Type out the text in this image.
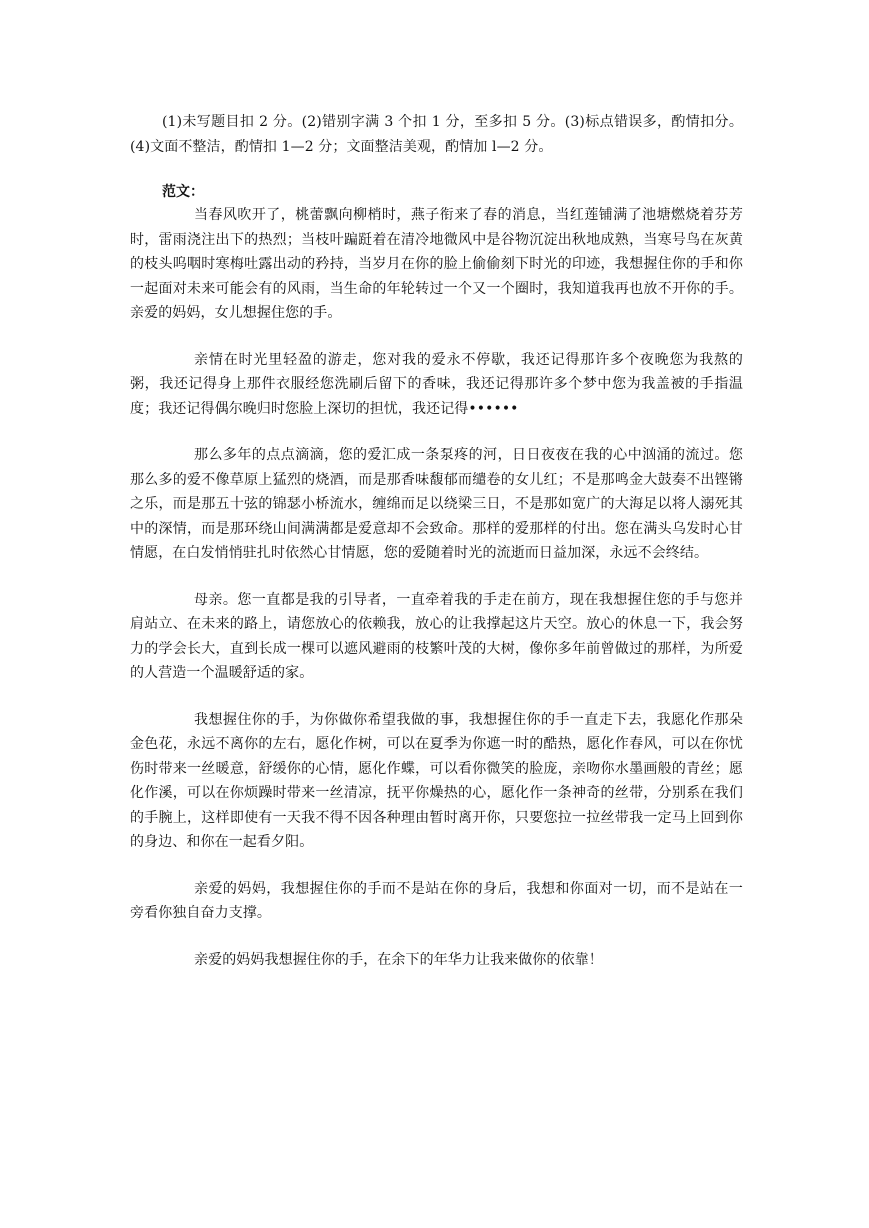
(1)未写题目扣 2 分。(2)错别字满 3 个扣 1 分，至多扣 5 分。(3)标点错误多，酌情扣分。(4)文面不整洁，酌情扣 1—2 分；文面整洁美观，酌情加 l—2 分。

范文：

当春风吹开了，桃蕾飘向柳梢时，燕子衔来了春的消息，当红莲铺满了池塘燃烧着芬芳时，雷雨浇注出下的热烈；当枝叶蹁跹着在清冷地微风中是谷物沉淀出秋地成熟，当寒号鸟在灰黄的枝头呜咽时寒梅吐露出动的矜持，当岁月在你的脸上偷偷刻下时光的印迹，我想握住你的手和你一起面对未来可能会有的风雨，当生命的年轮转过一个又一个圈时，我知道我再也放不开你的手。亲爱的妈妈，女儿想握住您的手。

亲情在时光里轻盈的游走，您对我的爱永不停歇，我还记得那许多个夜晚您为我熬的粥，我还记得身上那件衣服经您洗刷后留下的香味，我还记得那许多个梦中您为我盖被的手指温度；我还记得偶尔晚归时您脸上深切的担忧，我还记得••••••

那么多年的点点滴滴，您的爱汇成一条泵疼的河，日日夜夜在我的心中汹涌的流过。您那么多的爱不像草原上猛烈的烧酒，而是那香味馥郁而缱卷的女儿红；不是那鸣金大鼓奏不出铿锵之乐，而是那五十弦的锦瑟小桥流水，缠绵而足以绕梁三日，不是那如宽广的大海足以将人溺死其中的深情，而是那环绕山间满满都是爱意却不会致命。那样的爱那样的付出。您在满头乌发时心甘情愿，在白发悄悄驻扎时依然心甘情愿，您的爱随着时光的流逝而日益加深，永远不会终结。

母亲。您一直都是我的引导者，一直牵着我的手走在前方，现在我想握住您的手与您并肩站立、在未来的路上，请您放心的依赖我，放心的让我撑起这片天空。放心的休息一下，我会努力的学会长大，直到长成一棵可以遮风避雨的枝繁叶茂的大树，像你多年前曾做过的那样，为所爱的人营造一个温暖舒适的家。

我想握住你的手，为你做你希望我做的事，我想握住你的手一直走下去，我愿化作那朵金色花，永远不离你的左右，愿化作树，可以在夏季为你遮一时的酷热，愿化作春风，可以在你忧伤时带来一丝暖意，舒缓你的心情，愿化作蝶，可以看你微笑的脸庞，亲吻你水墨画般的青丝；愿化作溪，可以在你烦躁时带来一丝清凉，抚平你燥热的心，愿化作一条神奇的丝带，分别系在我们的手腕上，这样即使有一天我不得不因各种理由暂时离开你，只要您拉一拉丝带我一定马上回到你的身边、和你在一起看夕阳。

亲爱的妈妈，我想握住你的手而不是站在你的身后，我想和你面对一切，而不是站在一旁看你独自奋力支撑。

亲爱的妈妈我想握住你的手，在余下的年华力让我来做你的依靠！
